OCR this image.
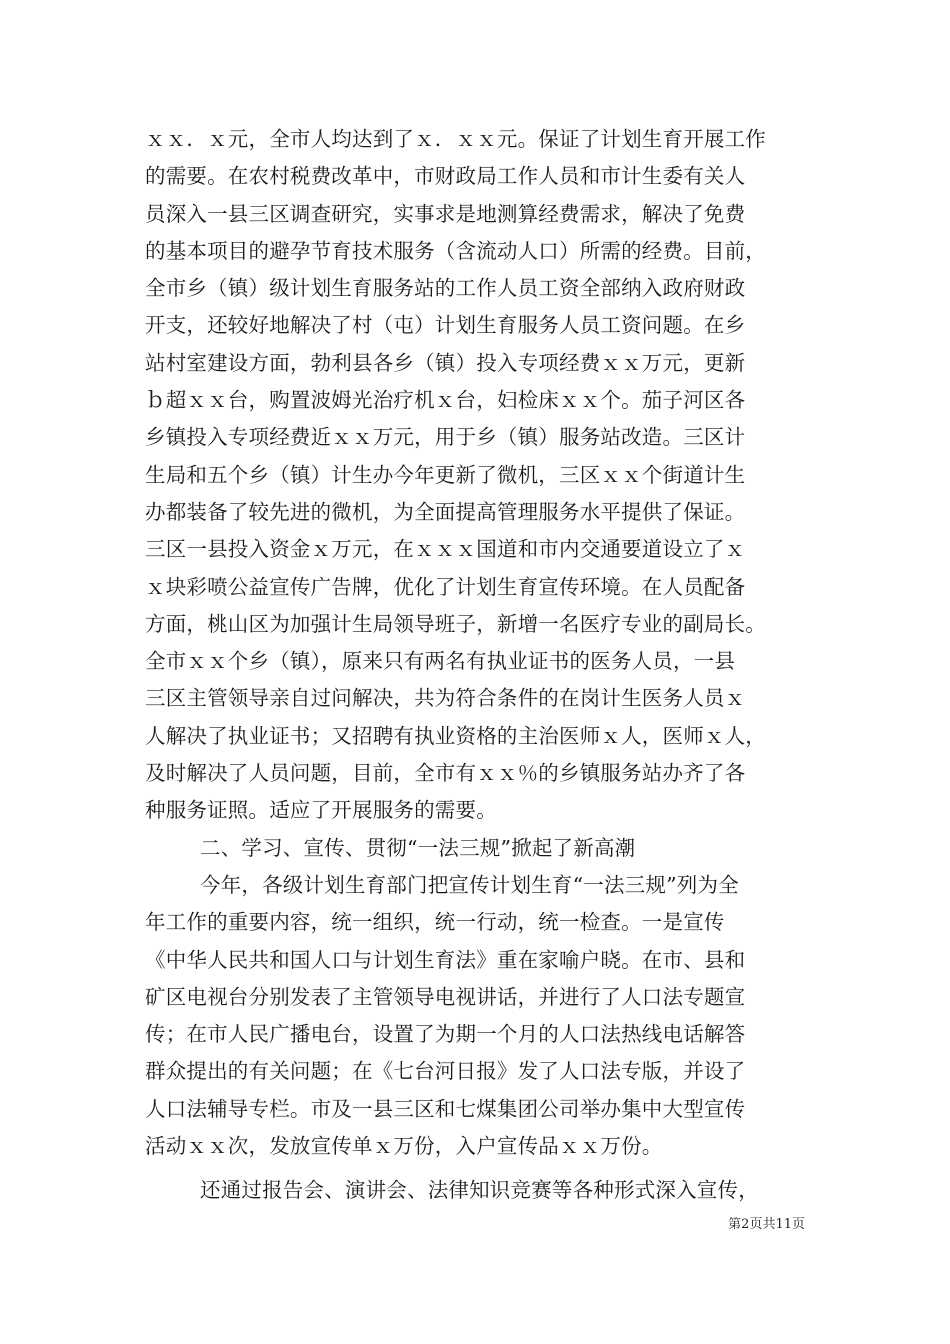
ｘｘ．ｘ元，全市人均达到了ｘ．ｘｘ元。保证了计划生育开展工作
的需要。在农村税费改革中，市财政局工作人员和市计生委有关人
员深入一县三区调查研究，实事求是地测算经费需求，解决了免费
的基本项目的避孕节育技术服务（含流动人口）所需的经费。目前，
全市乡（镇）级计划生育服务站的工作人员工资全部纳入政府财政
开支，还较好地解决了村（屯）计划生育服务人员工资问题。在乡
站村室建设方面，勃利县各乡（镇）投入专项经费ｘｘ万元，更新
ｂ超ｘｘ台，购置波姆光治疗机ｘ台，妇检床ｘｘ个。茄子河区各
乡镇投入专项经费近ｘｘ万元，用于乡（镇）服务站改造。三区计
生局和五个乡（镇）计生办今年更新了微机，三区ｘｘ个街道计生
办都装备了较先进的微机，为全面提高管理服务水平提供了保证。
三区一县投入资金ｘ万元，在ｘｘｘ国道和市内交通要道设立了ｘ
ｘ块彩喷公益宣传广告牌，优化了计划生育宣传环境。在人员配备
方面，桃山区为加强计生局领导班子，新增一名医疗专业的副局长。
全市ｘｘ个乡（镇），原来只有两名有执业证书的医务人员，一县
三区主管领导亲自过问解决，共为符合条件的在岗计生医务人员ｘ
人解决了执业证书；又招聘有执业资格的主治医师ｘ人，医师ｘ人，
及时解决了人员问题，目前，全市有ｘｘ％的乡镇服务站办齐了各
种服务证照。适应了开展服务的需要。
二、学习、宣传、贯彻“一法三规”掀起了新高潮
今年，各级计划生育部门把宣传计划生育“一法三规”列为全
年工作的重要内容，统一组织，统一行动，统一检查。一是宣传
《中华人民共和国人口与计划生育法》重在家喻户晓。在市、县和
矿区电视台分别发表了主管领导电视讲话，并进行了人口法专题宣
传；在市人民广播电台，设置了为期一个月的人口法热线电话解答
群众提出的有关问题；在《七台河日报》发了人口法专版，并设了
人口法辅导专栏。市及一县三区和七煤集团公司举办集中大型宣传
活动ｘｘ次，发放宣传单ｘ万份，入户宣传品ｘｘ万份。
还通过报告会、演讲会、法律知识竞赛等各种形式深入宣传，
第2页共11页
